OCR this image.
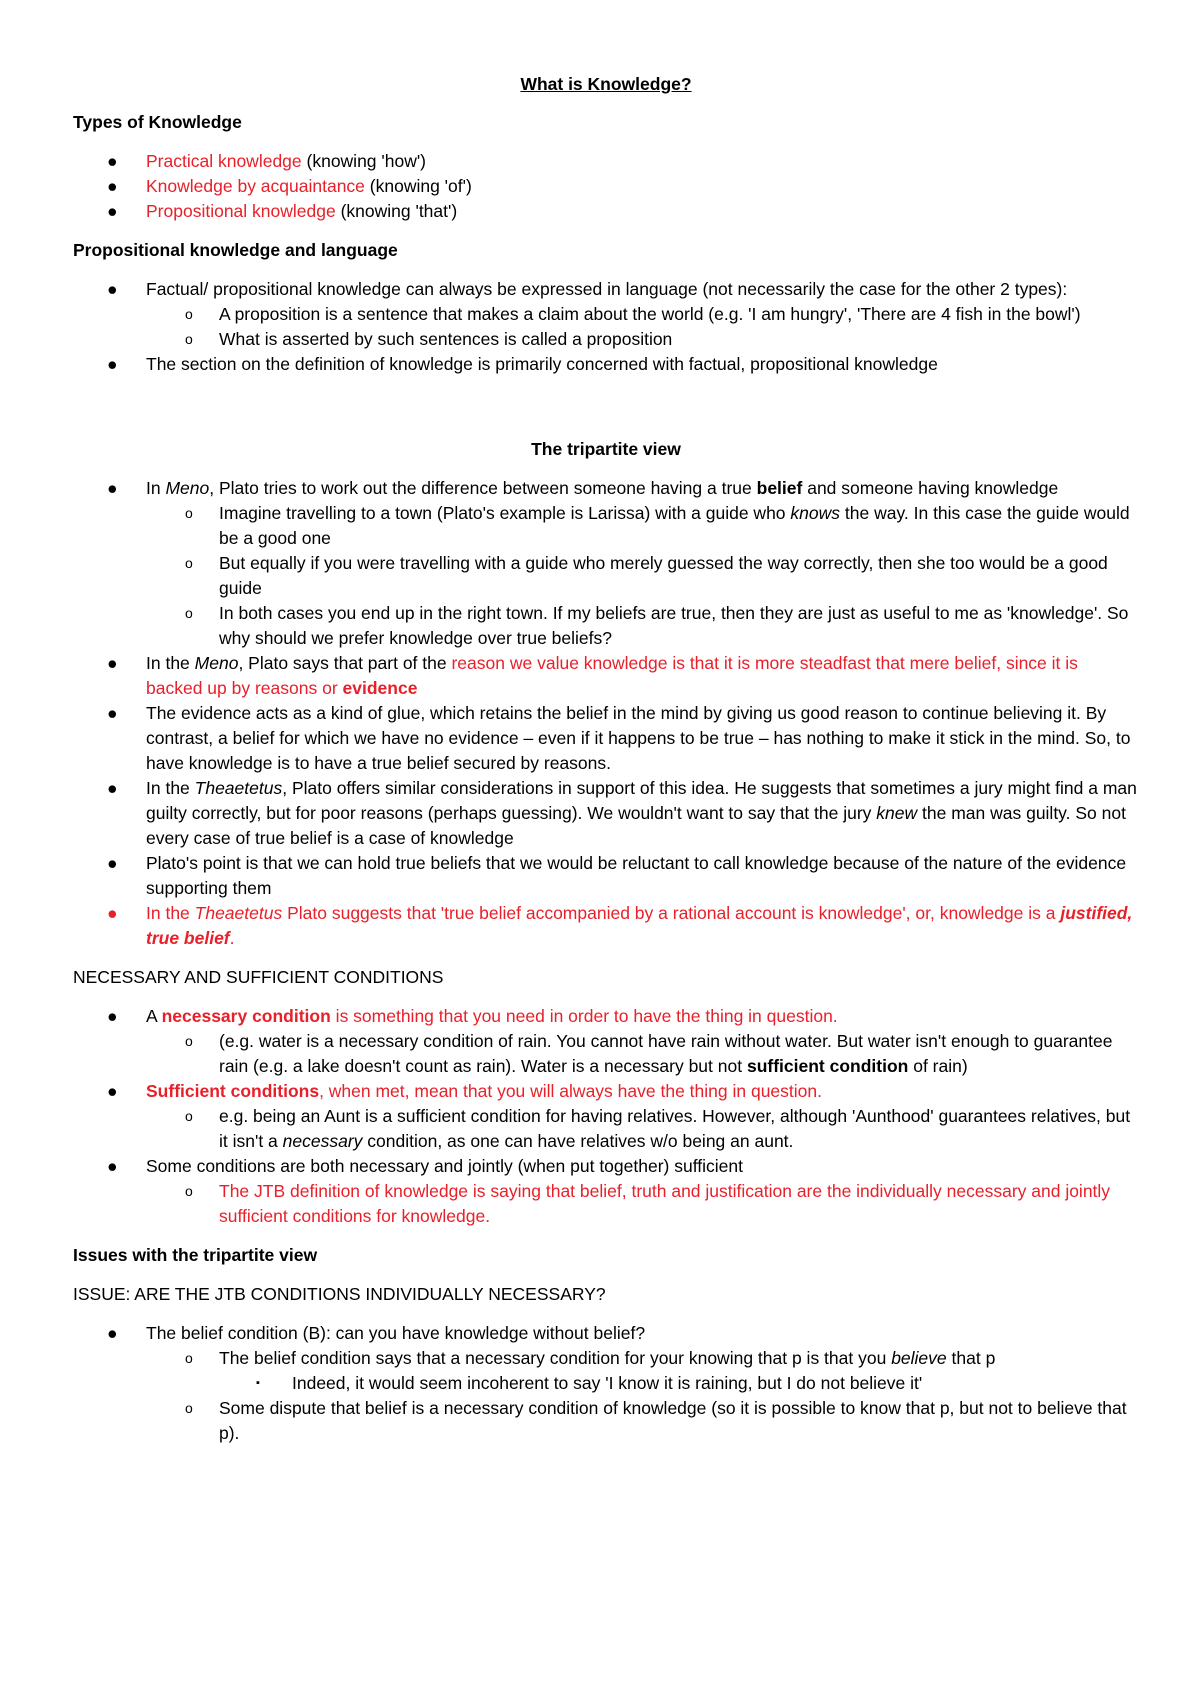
What is Knowledge?
Types of Knowledge
● Practical knowledge (knowing 'how')
● Knowledge by acquaintance (knowing 'of')
● Propositional knowledge (knowing 'that')
Propositional knowledge and language
● Factual/ propositional knowledge can always be expressed in language (not necessarily the case for the other 2 types):
o A proposition is a sentence that makes a claim about the world (e.g. 'I am hungry', 'There are 4 fish in the bowl')
o What is asserted by such sentences is called a proposition
● The section on the definition of knowledge is primarily concerned with factual, propositional knowledge
The tripartite view
● In Meno, Plato tries to work out the difference between someone having a true belief and someone having knowledge
o Imagine travelling to a town (Plato's example is Larissa) with a guide who knows the way. In this case the guide would be a good one
o But equally if you were travelling with a guide who merely guessed the way correctly, then she too would be a good guide
o In both cases you end up in the right town. If my beliefs are true, then they are just as useful to me as 'knowledge'. So why should we prefer knowledge over true beliefs?
● In the Meno, Plato says that part of the reason we value knowledge is that it is more steadfast that mere belief, since it is backed up by reasons or evidence
● The evidence acts as a kind of glue, which retains the belief in the mind by giving us good reason to continue believing it. By contrast, a belief for which we have no evidence – even if it happens to be true – has nothing to make it stick in the mind. So, to have knowledge is to have a true belief secured by reasons.
● In the Theaetetus, Plato offers similar considerations in support of this idea. He suggests that sometimes a jury might find a man guilty correctly, but for poor reasons (perhaps guessing). We wouldn't want to say that the jury knew the man was guilty. So not every case of true belief is a case of knowledge
● Plato's point is that we can hold true beliefs that we would be reluctant to call knowledge because of the nature of the evidence supporting them
● In the Theaetetus Plato suggests that 'true belief accompanied by a rational account is knowledge', or, knowledge is a justified, true belief.
NECESSARY AND SUFFICIENT CONDITIONS
● A necessary condition is something that you need in order to have the thing in question.
o (e.g. water is a necessary condition of rain. You cannot have rain without water. But water isn't enough to guarantee rain (e.g. a lake doesn't count as rain). Water is a necessary but not sufficient condition of rain)
● Sufficient conditions, when met, mean that you will always have the thing in question.
o e.g. being an Aunt is a sufficient condition for having relatives. However, although 'Aunthood' guarantees relatives, but it isn't a necessary condition, as one can have relatives w/o being an aunt.
● Some conditions are both necessary and jointly (when put together) sufficient
o The JTB definition of knowledge is saying that belief, truth and justification are the individually necessary and jointly sufficient conditions for knowledge.
Issues with the tripartite view
ISSUE: ARE THE JTB CONDITIONS INDIVIDUALLY NECESSARY?
● The belief condition (B): can you have knowledge without belief?
o The belief condition says that a necessary condition for your knowing that p is that you believe that p
▪ Indeed, it would seem incoherent to say 'I know it is raining, but I do not believe it'
o Some dispute that belief is a necessary condition of knowledge (so it is possible to know that p, but not to believe that p).
